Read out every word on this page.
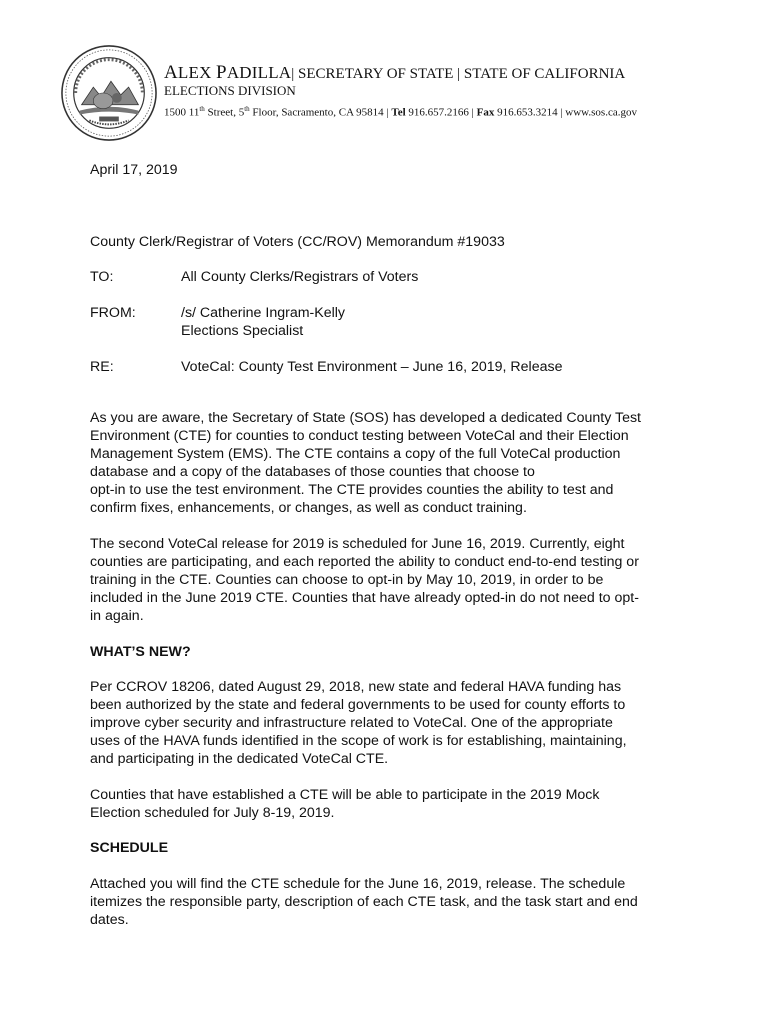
ALEX PADILLA| SECRETARY OF STATE | STATE OF CALIFORNIA
ELECTIONS DIVISION
1500 11th Street, 5th Floor, Sacramento, CA 95814 | Tel 916.657.2166 | Fax 916.653.3214 | www.sos.ca.gov
April 17, 2019
County Clerk/Registrar of Voters (CC/ROV) Memorandum #19033
TO:	All County Clerks/Registrars of Voters
FROM:	/s/ Catherine Ingram-Kelly
Elections Specialist
RE:	VoteCal: County Test Environment – June 16, 2019, Release
As you are aware, the Secretary of State (SOS) has developed a dedicated County Test
Environment (CTE) for counties to conduct testing between VoteCal and their Election
Management System (EMS). The CTE contains a copy of the full VoteCal production
database and a copy of the databases of those counties that choose to
opt-in to use the test environment. The CTE provides counties the ability to test and
confirm fixes, enhancements, or changes, as well as conduct training.
The second VoteCal release for 2019 is scheduled for June 16, 2019. Currently, eight
counties are participating, and each reported the ability to conduct end-to-end testing or
training in the CTE. Counties can choose to opt-in by May 10, 2019, in order to be
included in the June 2019 CTE. Counties that have already opted-in do not need to opt-
in again.
WHAT’S NEW?
Per CCROV 18206, dated August 29, 2018, new state and federal HAVA funding has
been authorized by the state and federal governments to be used for county efforts to
improve cyber security and infrastructure related to VoteCal. One of the appropriate
uses of the HAVA funds identified in the scope of work is for establishing, maintaining,
and participating in the dedicated VoteCal CTE.
Counties that have established a CTE will be able to participate in the 2019 Mock
Election scheduled for July 8-19, 2019.
SCHEDULE
Attached you will find the CTE schedule for the June 16, 2019, release. The schedule
itemizes the responsible party, description of each CTE task, and the task start and end
dates.
